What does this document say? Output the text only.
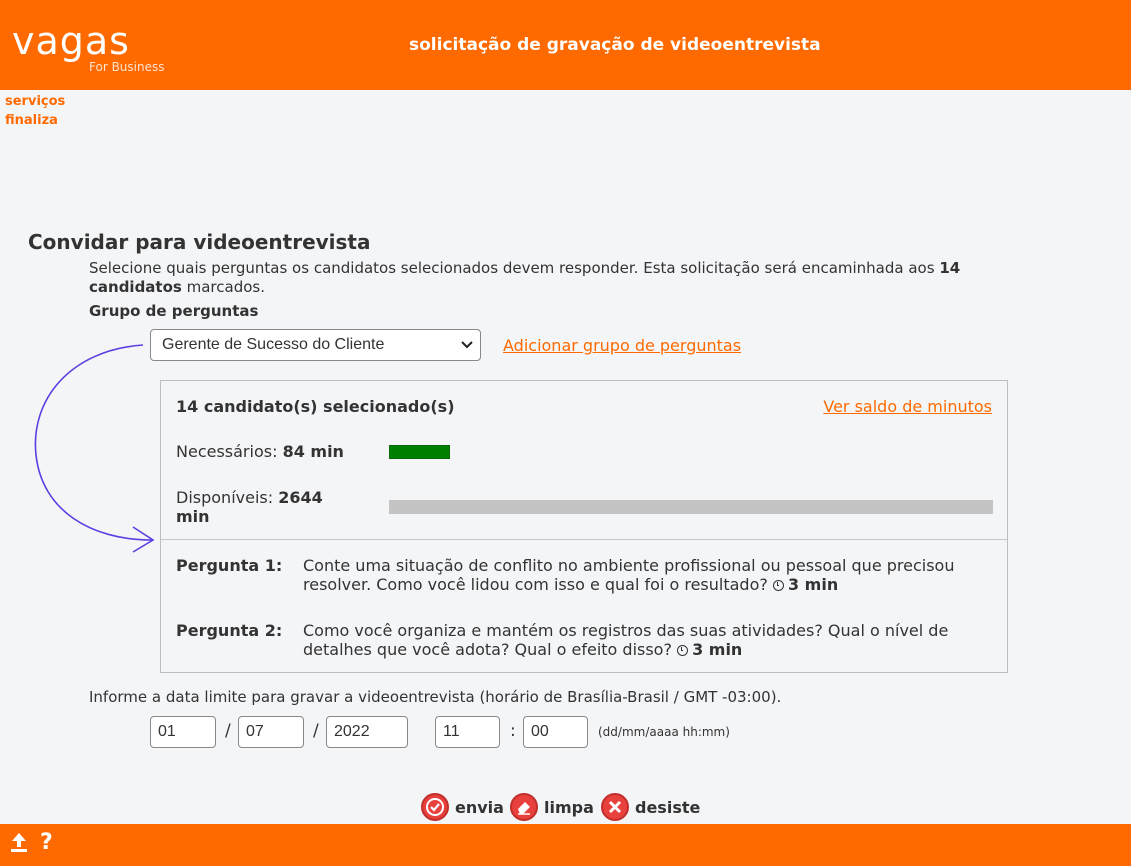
vagas
For Business
solicitação de gravação de videoentrevista
serviços
finaliza
Convidar para videoentrevista
Selecione quais perguntas os candidatos selecionados devem responder. Esta solicitação será encaminhada aos 14 candidatos marcados.
Grupo de perguntas
Gerente de Sucesso do Cliente	Adicionar grupo de perguntas
14 candidato(s) selecionado(s)	Ver saldo de minutos
Necessários: 84 min
Disponíveis: 2644 min
Pergunta 1: Conte uma situação de conflito no ambiente profissional ou pessoal que precisou resolver. Como você lidou com isso e qual foi o resultado? 3 min
Pergunta 2: Como você organiza e mantém os registros das suas atividades? Qual o nível de detalhes que você adota? Qual o efeito disso? 3 min
Informe a data limite para gravar a videoentrevista (horário de Brasília-Brasil / GMT -03:00).
01	/ 07	/ 2022	11	: 00	(dd/mm/aaaa hh:mm)
envia	limpa	desiste
?
